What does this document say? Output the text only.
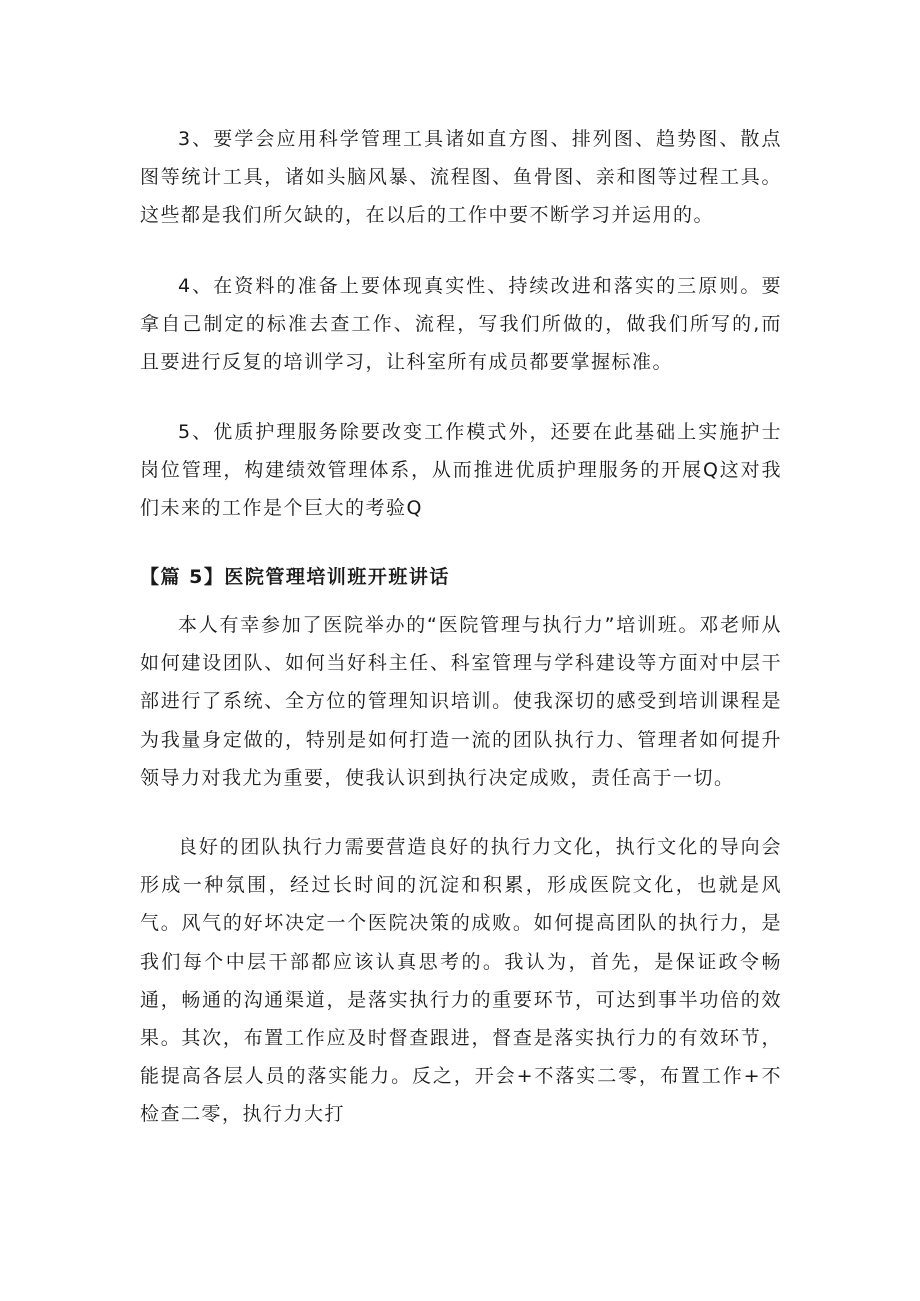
3、要学会应用科学管理工具诸如直方图、排列图、趋势图、散点图等统计工具，诸如头脑风暴、流程图、鱼骨图、亲和图等过程工具。这些都是我们所欠缺的，在以后的工作中要不断学习并运用的。

4、在资料的准备上要体现真实性、持续改进和落实的三原则。要拿自己制定的标准去查工作、流程，写我们所做的，做我们所写的,而且要进行反复的培训学习，让科室所有成员都要掌握标准。

5、优质护理服务除要改变工作模式外，还要在此基础上实施护士岗位管理，构建绩效管理体系，从而推进优质护理服务的开展Q这对我们未来的工作是个巨大的考验Q

【篇 5】医院管理培训班开班讲话

本人有幸参加了医院举办的“医院管理与执行力”培训班。邓老师从如何建设团队、如何当好科主任、科室管理与学科建设等方面对中层干部进行了系统、全方位的管理知识培训。使我深切的感受到培训课程是为我量身定做的，特别是如何打造一流的团队执行力、管理者如何提升领导力对我尤为重要，使我认识到执行决定成败，责任高于一切。

良好的团队执行力需要营造良好的执行力文化，执行文化的导向会形成一种氛围，经过长时间的沉淀和积累，形成医院文化，也就是风气。风气的好坏决定一个医院决策的成败。如何提高团队的执行力，是我们每个中层干部都应该认真思考的。我认为，首先，是保证政令畅通，畅通的沟通渠道，是落实执行力的重要环节，可达到事半功倍的效果。其次，布置工作应及时督查跟进，督查是落实执行力的有效环节，能提高各层人员的落实能力。反之，开会+不落实二零，布置工作+不检查二零，执行力大打
